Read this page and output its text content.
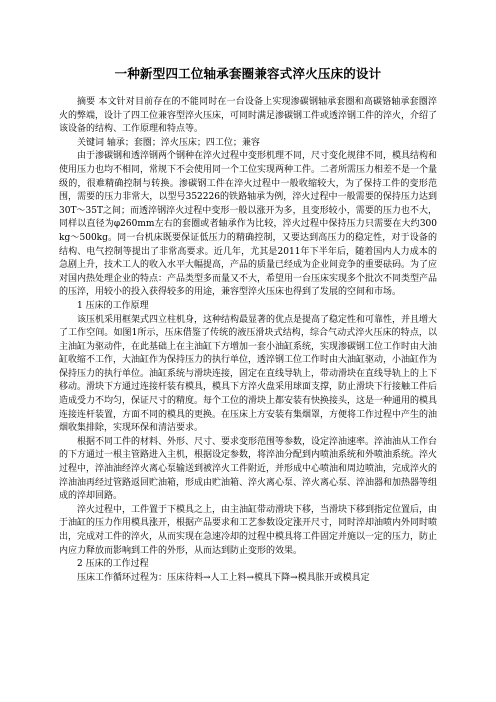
一种新型四工位轴承套圈兼容式淬火压床的设计

摘要 本文针对目前存在的不能同时在一台设备上实现渗碳钢轴承套圈和高碳铬轴承套圈淬火的弊端，设计了四工位兼容型淬火压床，可同时满足渗碳钢工件或透淬钢工件的淬火，介绍了该设备的结构、工作原理和特点等。

关键词 轴承；套圈；淬火压床；四工位；兼容

由于渗碳钢和透淬钢两个钢种在淬火过程中变形机理不同，尺寸变化规律不同，模具结构和使用压力也均不相同，常规下不会使用同一个工位实现两种工件。二者所需压力相差不是一个量级的，很难精确控制与转换。渗碳钢工件在淬火过程中一般收缩较大，为了保持工件的变形范围，需要的压力非常大，以型号352226的铁路轴承为例，淬火过程中一般需要的保持压力达到30T～35T之间；而透淬钢淬火过程中变形一般以涨开为多，且变形较小，需要的压力也不大，同样以直径为φ260mm左右的套圈或者轴承作为比较，淬火过程中保持压力只需要在大约300kg～500kg。同一台机床既要保证低压力的精确控制，又要达到高压力的稳定性，对于设备的结构、电气控制等提出了非常高要求。近几年，尤其是2011年下半年后，随着国内人力成本的急剧上升，技术工人的收入水平大幅提高，产品的质量已经成为企业间竞争的重要砝码。为了应对国内热处理企业的特点：产品类型多而量又不大，希望用一台压床实现多个批次不同类型产品的压淬，用较小的投入获得较多的用途，兼容型淬火压床也得到了发展的空间和市场。

1 压床的工作原理

该压机采用框架式四立柱机身，这种结构最显著的优点是提高了稳定性和可靠性，并且增大了工作空间。如图1所示，压床借鉴了传统的液压滑块式结构，综合气动式淬火压床的特点，以主油缸为驱动件，在此基础上在主油缸下方增加一套小油缸系统，实现渗碳钢工位工作时由大油缸收缩不工作，大油缸作为保持压力的执行单位，透淬钢工位工作时由大油缸驱动，小油缸作为保持压力的执行单位。油缸系统与滑块连接，固定在直线导轨上，带动滑块在直线导轨上的上下移动。滑块下方通过连接杆装有模具，模具下方淬火盘采用球面支撑，防止滑块下行接触工件后造成受力不均匀，保证尺寸的精度。每个工位的滑块上都安装有快换接头，这是一种通用的模具连接连杆装置，方面不同的模具的更换。在压床上方安装有集烟罩，方便将工作过程中产生的油烟收集排除，实现环保和清洁要求。

根据不同工件的材料、外形、尺寸、要求变形范围等参数，设定淬油速率。淬油油从工作台的下方通过一根主管路进入主机，根据设定参数，将淬油分配到内喷油系统和外喷油系统。淬火过程中，淬油油经淬火离心泵输送到被淬火工件附近，并形成中心喷油和周边喷油，完成淬火的淬油油再经过管路返回贮油箱，形成由贮油箱、淬火离心泵、淬火离心泵、淬油器和加热器等组成的淬却回路。

淬火过程中，工件置于下模具之上，由主油缸带动滑块下移，当滑块下移到指定位置后，由于油缸的压力作用模具涨开，根据产品要求和工艺参数设定涨开尺寸，同时淬却油喷内外同时喷出，完成对工件的淬火，从而实现在急速冷却的过程中模具将工件固定并施以一定的压力，防止内应力释放而影响到工件的外形，从而达到防止变形的效果。

2 压床的工作过程

压床工作循环过程为：压床待料→人工上料→模具下降→模具胀开或模具定
